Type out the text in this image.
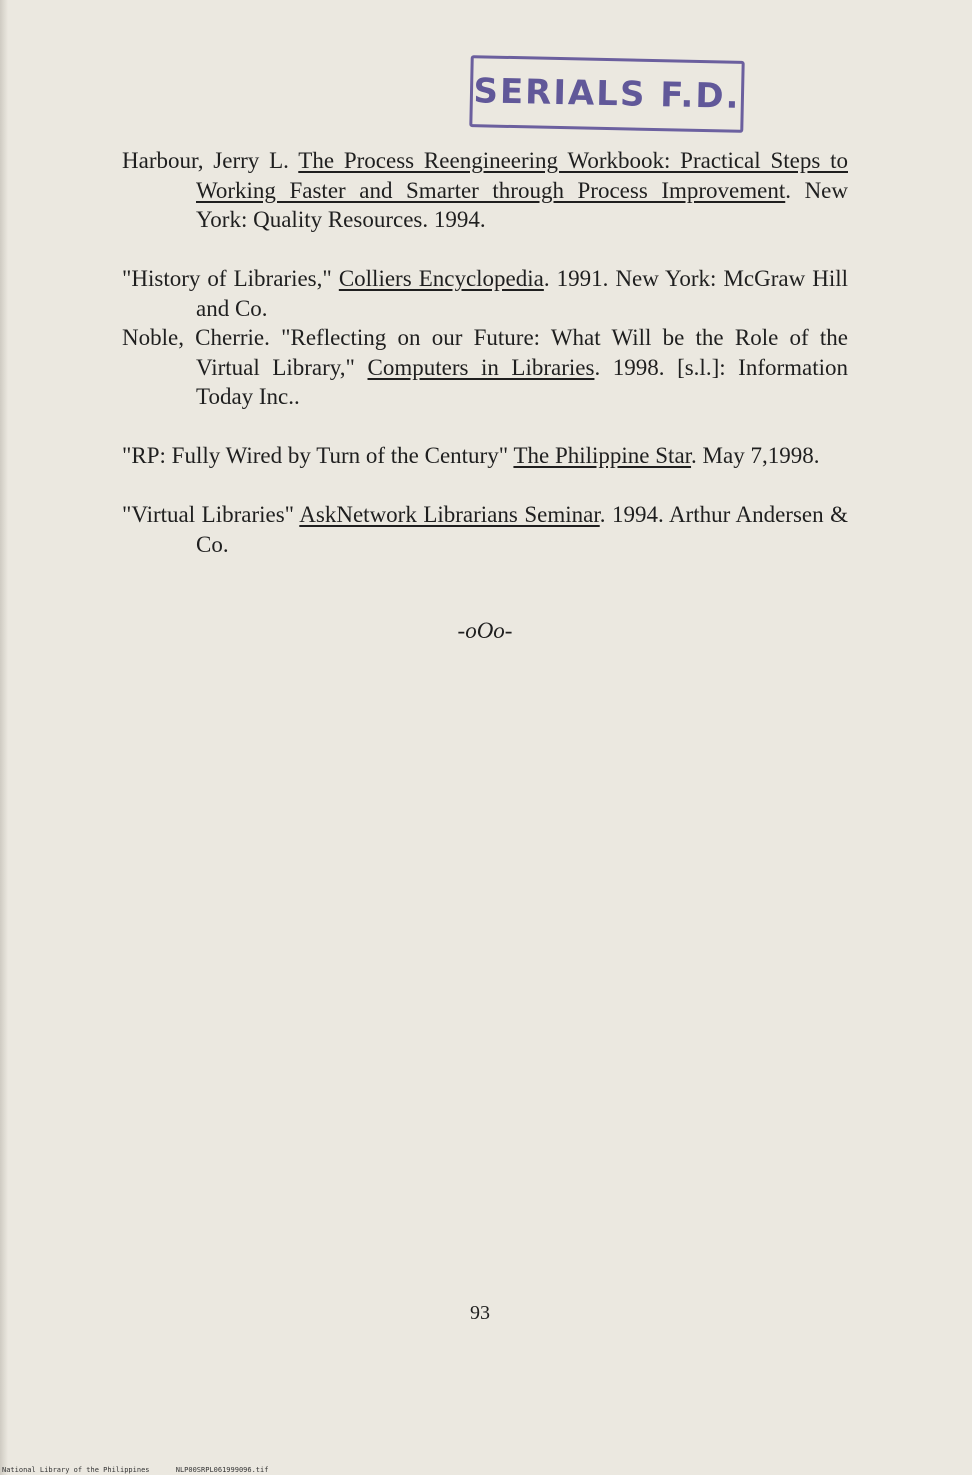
SERIALS F.D.

Harbour, Jerry L. The Process Reengineering Workbook: Practical Steps to Working Faster and Smarter through Process Improvement. New York: Quality Resources. 1994.

"History of Libraries," Colliers Encyclopedia. 1991. New York: McGraw Hill and Co.

Noble, Cherrie. "Reflecting on our Future: What Will be the Role of the Virtual Library," Computers in Libraries. 1998. [s.l.]: Information Today Inc..

"RP: Fully Wired by Turn of the Century" The Philippine Star. May 7,1998.

"Virtual Libraries" AskNetwork Librarians Seminar. 1994. Arthur Andersen & Co.

-oOo-
93
National Library of the Philippines	NLP00SRPL061999096.tif
